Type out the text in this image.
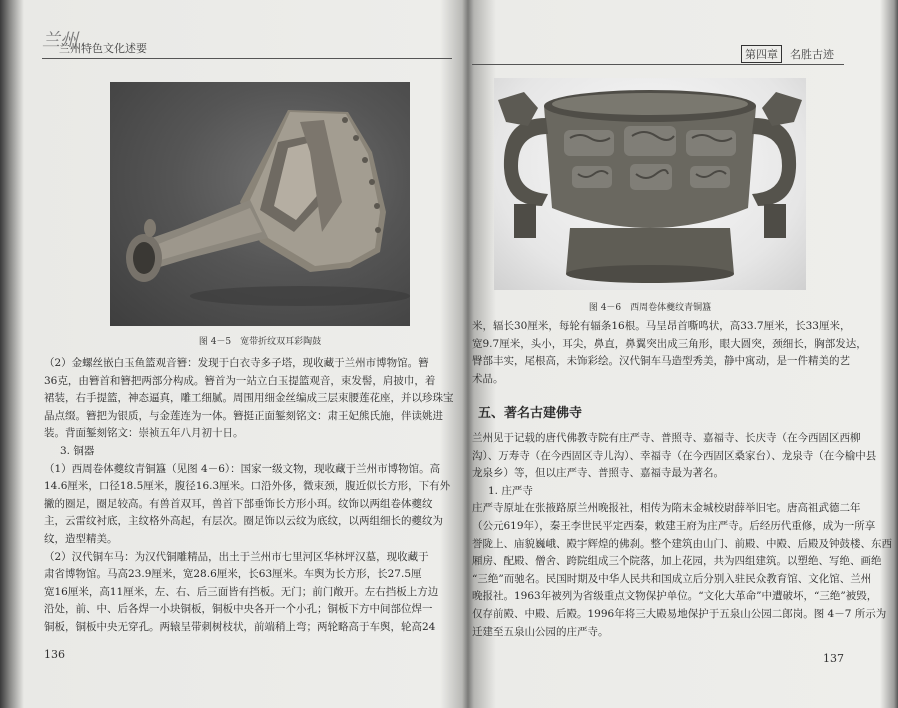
兰州
兰州特色文化述要
图 4－5　宽带折纹双耳彩陶鼓

（2）金螺丝嵌白玉鱼篮观音簪：发现于白衣寺多子塔，现收藏于兰州市博物馆。簪

36克，由簪首和簪把两部分构成。簪首为一站立白玉提篮观音，束发髻，肩披巾，着

裙装，右手提篮，神态逼真，雕工细腻。周围用细金丝编成三层束腰莲花座，并以珍珠宝

晶点缀。簪把为银质，与金莲连为一体。簪挺正面錾刻铭文：肃王妃熊氏施，伴读姚进

装。背面錾刻铭文：崇祯五年八月初十日。

3. 铜器

（1）西周卷体夔纹青铜簋（见图 4－6）：国家一级文物，现收藏于兰州市博物馆。高

14.6厘米，口径18.5厘米，腹径16.3厘米。口沿外侈，微束颈，腹近似长方形，下有外

撇的圈足，圈足较高。有兽首双耳，兽首下部垂饰长方形小珥。纹饰以两组卷体夔纹

主，云雷纹衬底，主纹格外高起，有层次。圈足饰以云纹为底纹，以两组细长的夔纹为

纹，造型精美。

（2）汉代铜车马：为汉代铜雕精品，出土于兰州市七里河区华林坪汉墓，现收藏于

肃省博物馆。马高23.9厘米，宽28.6厘米，长63厘米。车舆为长方形，长27.5厘

宽16厘米，高11厘米，左、右、后三面皆有挡板。无门；前门敞开。左右挡板上方边

沿处，前、中、后各焊一小块铜板，铜板中央各开一个小孔；铜板下方中间部位焊一

铜板，铜板中央无穿孔。两辕呈带刺树枝状，前端稍上弯；两轮略高于车舆，轮高24

136
第四章 名胜古迹
图 4－6　西周卷体夔纹青铜簋

米，辐长30厘米，每轮有辐条16根。马呈昂首嘶鸣状，高33.7厘米，长33厘米，

宽9.7厘米，头小，耳尖，鼻直，鼻翼突出成三角形，眼大圆突，颈细长，胸部发达，

臀部丰实，尾根高，未饰彩绘。汉代铜车马造型秀美，静中寓动，是一件精美的艺

术品。

五、著名古建佛寺

兰州见于记载的唐代佛教寺院有庄严寺、普照寺、嘉福寺、长庆寺（在今西固区西柳

沟）、万寿寺（在今西固区寺儿沟）、幸福寺（在今西固区桑家台）、龙泉寺（在今榆中县

龙泉乡）等，但以庄严寺、普照寺、嘉福寺最为著名。

1. 庄严寺

庄严寺原址在张掖路原兰州晚报社，相传为隋末金城校尉薛举旧宅。唐高祖武德二年

（公元619年），秦王李世民平定西秦，敕建王府为庄严寺。后经历代重修，成为一所享

誉陇上、庙貌巍峨、殿宇辉煌的佛刹。整个建筑由山门、前殿、中殿、后殿及钟鼓楼、东西

厢房、配殿、僧舍、跨院组成三个院落，加上花园，共为四组建筑。以塑绝、写绝、画绝

“三绝”而驰名。民国时期及中华人民共和国成立后分别入驻民众教育馆、文化馆、兰州

晚报社。1963年被列为省级重点文物保护单位。“文化大革命”中遭破坏，“三绝”被毁，

仅存前殿、中殿、后殿。1996年将三大殿易地保护于五泉山公园二郎岗。图 4－7 所示为

迁建至五泉山公园的庄严寺。

137
